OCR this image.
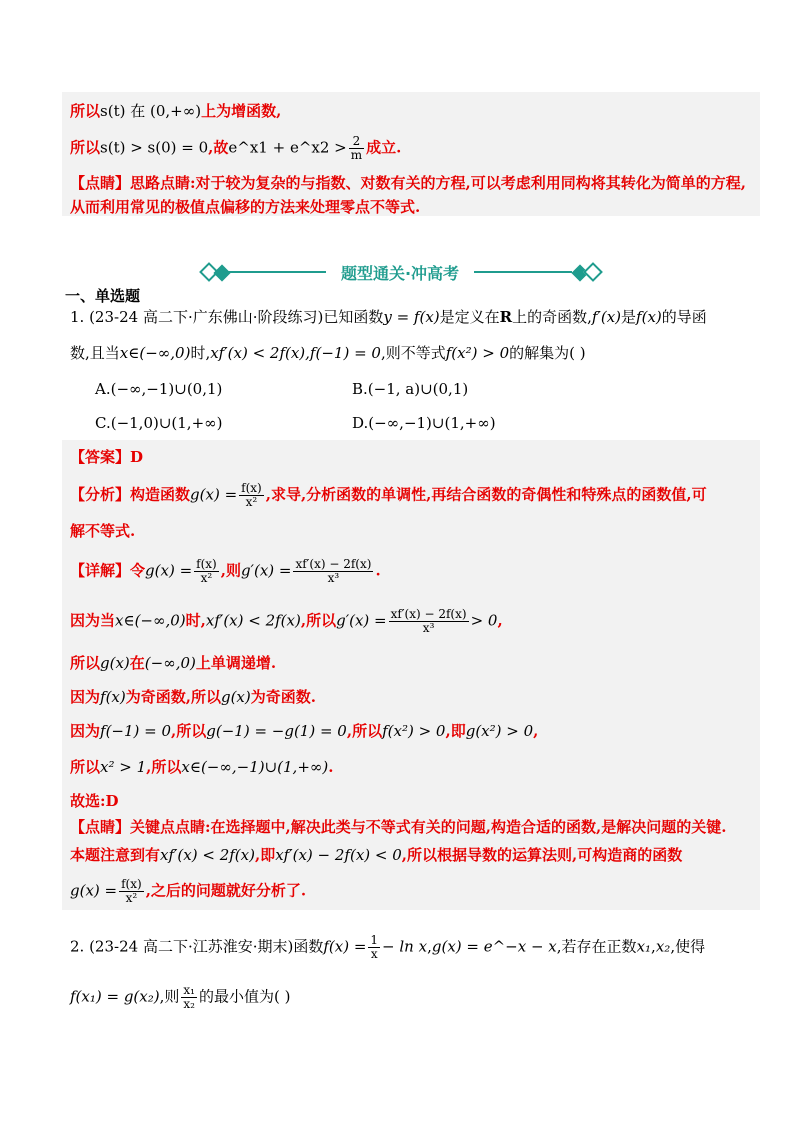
所以s(t) 在 (0,+∞)上为增函数,
所以s(t) > s(0) = 0,故e^x1 + e^x2 > $\frac{2}{m}$ 成立.
【点睛】思路点睛:对于较为复杂的与指数、对数有关的方程,可以考虑利用同构将其转化为简单的方程,
从而利用常见的极值点偏移的方法来处理零点不等式.
题型通关·冲高考
一、单选题
1. (23-24 高二下·广东佛山·阶段练习)已知函数y = f(x)是定义在R上的奇函数,f′(x)是f(x)的导函
数,且当x∈(−∞,0)时,xf′(x) < 2f(x),f(−1) = 0,则不等式f(x²) > 0的解集为( )
A.(−∞,−1)∪(0,1)	B.(−1, a)∪(0,1)
C.(−1,0)∪(1,+∞)	D.(−∞,−1)∪(1,+∞)
【答案】D
【分析】构造函数$g(x) = \frac{f(x)}{\text{x²}}$ ,求导,分析函数的单调性,再结合函数的奇偶性和特殊点的函数值,可
解不等式.
【详解】令$g(x) = \frac{f(x)}{\text{x²}}$ ,则$g'(x) = \frac{xf'(x) - 2f(x)}{\text{x³}}$ .
因为当x∈(−∞,0)时,xf′(x) < 2f(x),所以$g'(x) = \frac{xf'(x) - 2f(x)}{\text{x³}} > 0$,
所以g(x)在(−∞,0)上单调递增.
因为f(x)为奇函数,所以g(x)为奇函数.
因为f(−1) = 0,所以g(−1) = −g(1) = 0,所以f(x²) > 0,即g(x²) > 0,
所以x² > 1,所以x∈(−∞,−1)∪(1,+∞).
故选:D
【点睛】关键点点睛:在选择题中,解决此类与不等式有关的问题,构造合适的函数,是解决问题的关键.
本题注意到有xf′(x) < 2f(x),即xf′(x) − 2f(x) < 0,所以根据导数的运算法则,可构造商的函数
$g(x) = \frac{f(x)}{\text{x²}}$ ,之后的问题就好分析了.
2. (23-24 高二下·江苏淮安·期末)函数$f(x) = \frac{1}{x} - \ln x,g(x)$ = e^−x − x,若存在正数x₁,x₂,使得
f(x₁) = g(x₂),则 $\frac{\text{x₁}}{\text{x₂}}$ 的最小值为( )
